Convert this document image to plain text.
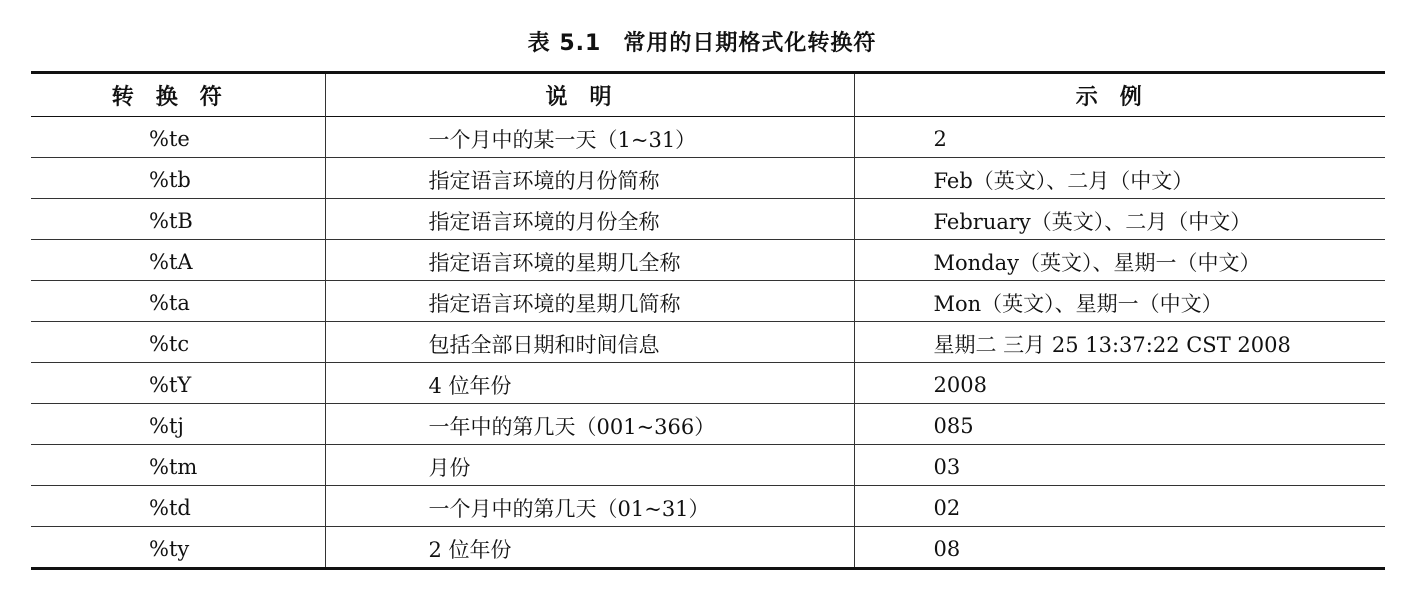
表 5.1 常用的日期格式化转换符
转换符	说明	示例
%te	一个月中的某一天（1~31）	2
%tb	指定语言环境的月份简称	Feb（英文）、二月（中文）
%tB	指定语言环境的月份全称	February（英文）、二月（中文）
%tA	指定语言环境的星期几全称	Monday（英文）、星期一（中文）
%ta	指定语言环境的星期几简称	Mon（英文）、星期一（中文）
%tc	包括全部日期和时间信息	星期二 三月 25 13:37:22 CST 2008
%tY	4 位年份	2008
%tj	一年中的第几天（001~366）	085
%tm	月份	03
%td	一个月中的第几天（01~31）	02
%ty	2 位年份	08
